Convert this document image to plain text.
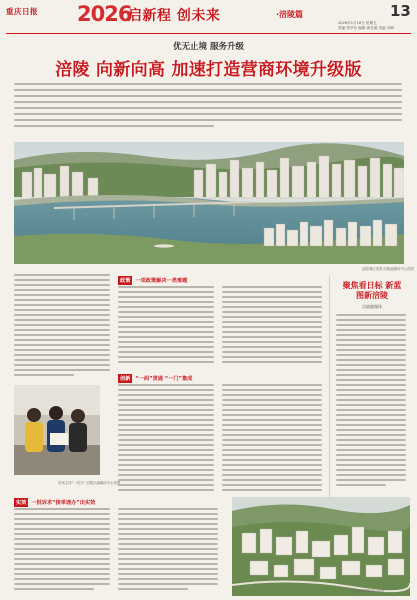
重庆日报 2026
启新程 创未来	·涪陵篇	13
2026年1月16日 星期五
责编 张华东 编辑 黄先瑞 美编 刘坤
优无止境 服务升级
涪陵 向新向高 加速打造营商环境升级版
涪陵城区美景 涪陵融媒体中心供图
政策 一项政策解决一类难题
创新 “一码”贯通 “一门”集成
实效 一批诉求“接单速办”出实效
市场主体“一站办” 涪陵区融媒体中心供图
聚焦看日标 新蓝图新涪陵
涪陵融媒体
涪陵区融媒体中心供图
